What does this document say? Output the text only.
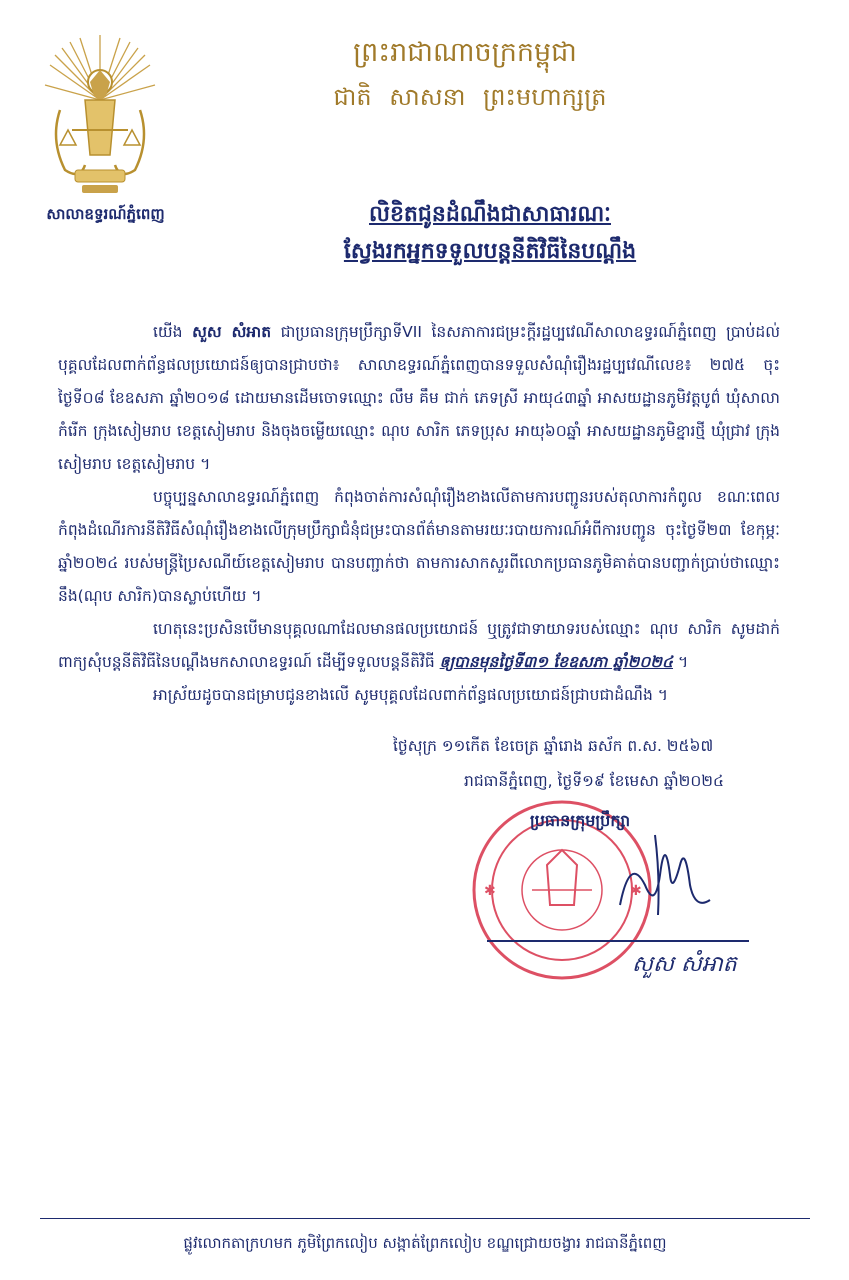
ព្រះរាជាណាចក្រកម្ពុជា
ជាតិ សាសនា ព្រះមហាក្សត្រ
សាលាឧទ្ធរណ៍ភ្នំពេញ	លិខិតជូនដំណឹងជាសាធារណៈ
ស្វែងរកអ្នកទទួលបន្តនីតិវិធីនៃបណ្តឹង

យើង សួស សំអាត ជាប្រធានក្រុមប្រឹក្សាទីVII នៃសភាការជម្រះក្តីរដ្ឋប្បវេណីសាលាឧទ្ធរណ៍ភ្នំពេញ ប្រាប់ដល់បុគ្គលដែលពាក់ព័ន្ធផលប្រយោជន៍ឲ្យបានជ្រាបថា៖ សាលាឧទ្ធរណ៍ភ្នំពេញបានទទួលសំណុំរឿងរដ្ឋប្បវេណីលេខ៖ ២៧៥ ចុះថ្ងៃទី០៨ ខែឧសភា ឆ្នាំ២០១៨ ដោយមានដើមចោទឈ្មោះ លឹម គឹម ជាក់ ភេទស្រី អាយុ៤៣ឆ្នាំ អាសយដ្ឋានភូមិវត្តបូព៌ ឃុំសាលាកំរើក ក្រុងសៀមរាប ខេត្តសៀមរាប និងចុងចម្លើយឈ្មោះ ណុប សារិក ភេទប្រុស អាយុ៦០ឆ្នាំ អាសយដ្ឋានភូមិខ្នារថ្មី ឃុំជ្រាវ ក្រុងសៀមរាប ខេត្តសៀមរាប ។

បច្ចុប្បន្នសាលាឧទ្ធរណ៍ភ្នំពេញ កំពុងចាត់ការសំណុំរឿងខាងលើតាមការបញ្ជូនរបស់តុលាការកំពូល ខណៈពេលកំពុងដំណើរការនីតិវិធីសំណុំរឿងខាងលើក្រុមប្រឹក្សាជំនុំជម្រះបានព័ត៌មានតាមរយៈរបាយការណ៍អំពីការបញ្ជូន ចុះថ្ងៃទី២៣ ខែកុម្ភៈ ឆ្នាំ២០២៤ របស់មន្ត្រីប្រៃសណីយ៍ខេត្តសៀមរាប បានបញ្ជាក់ថា តាមការសាកសួរពីលោកប្រធានភូមិគាត់បានបញ្ជាក់ប្រាប់ថាឈ្មោះនឹង(ណុប សារិក)បានស្លាប់ហើយ ។

ហេតុនេះប្រសិនបើមានបុគ្គលណាដែលមានផលប្រយោជន៍ ឬត្រូវជាទាយាទរបស់ឈ្មោះ ណុប សារិក សូមដាក់ពាក្យសុំបន្តនីតិវិធីនៃបណ្តឹងមកសាលាឧទ្ធរណ៍ ដើម្បីទទួលបន្តនីតិវិធី ឲ្យបានមុនថ្ងៃទី៣១ ខែឧសភា ឆ្នាំ២០២៤ ។

អាស្រ័យដូចបានជម្រាបជូនខាងលើ សូមបុគ្គលដែលពាក់ព័ន្ធផលប្រយោជន៍ជ្រាបជាដំណឹង ។

ថ្ងៃសុក្រ ១១កើត ខែចេត្រ ឆ្នាំរោង ឆស័ក ព.ស. ២៥៦៧
រាជធានីភ្នំពេញ, ថ្ងៃទី១៩ ខែមេសា ឆ្នាំ២០២៤
✱	✱
ប្រធានក្រុមប្រឹក្សា
សួស សំអាត
ផ្លូវលោកតាក្រហមក ភូមិព្រែកលៀប សង្កាត់ព្រែកលៀប ខណ្ឌជ្រោយចង្វារ រាជធានីភ្នំពេញ
